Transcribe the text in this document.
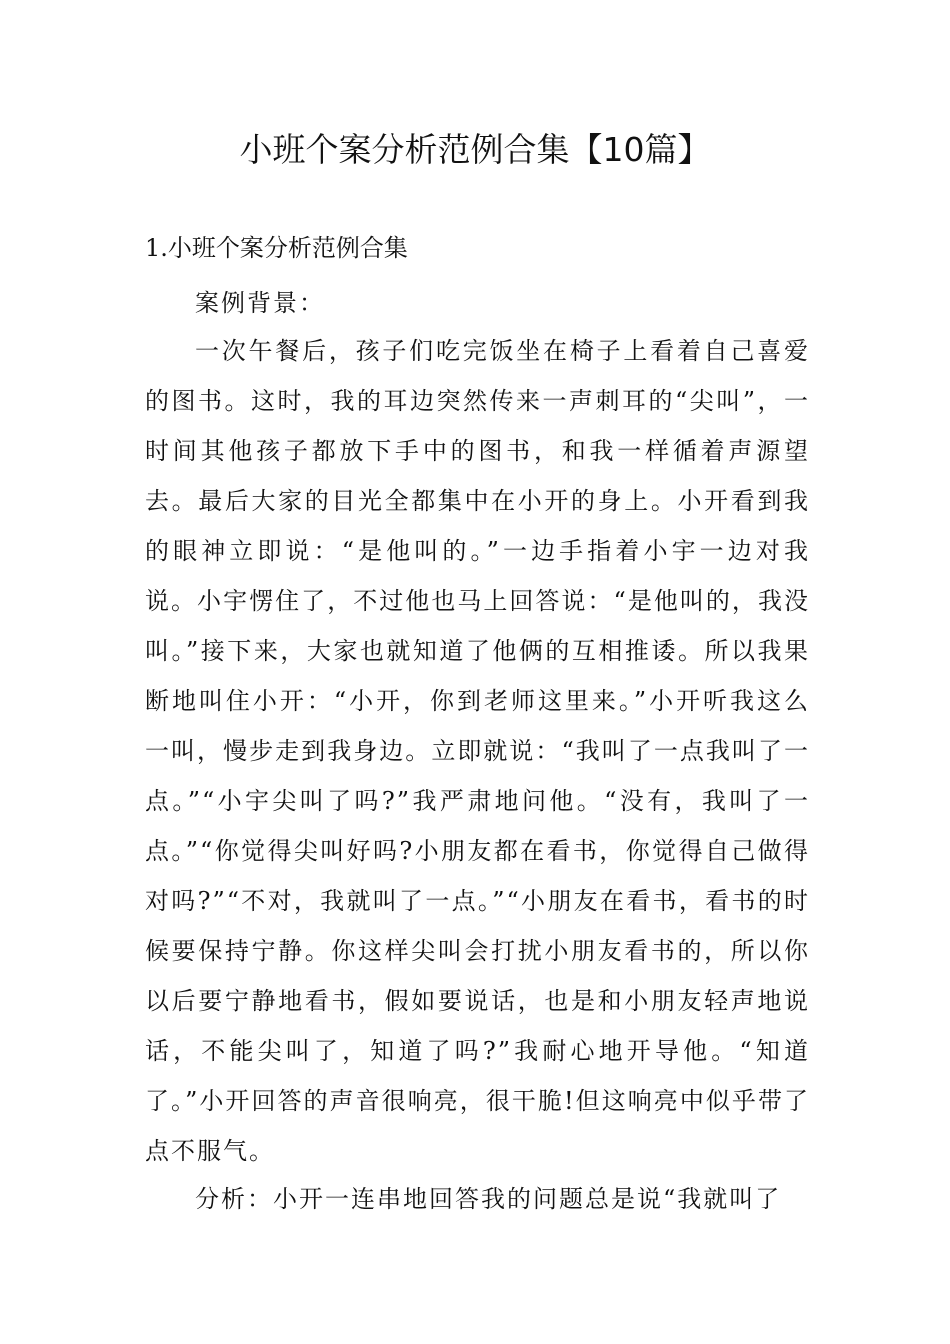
小班个案分析范例合集【10篇】
1.小班个案分析范例合集

案例背景：

一次午餐后，孩子们吃完饭坐在椅子上看着自己喜爱的图书。这时，我的耳边突然传来一声刺耳的“尖叫”，一时间其他孩子都放下手中的图书，和我一样循着声源望去。最后大家的目光全都集中在小开的身上。小开看到我的眼神立即说：“是他叫的。”一边手指着小宇一边对我说。小宇愣住了，不过他也马上回答说：“是他叫的，我没叫。”接下来，大家也就知道了他俩的互相推诿。所以我果断地叫住小开：“小开，你到老师这里来。”小开听我这么一叫，慢步走到我身边。立即就说：“我叫了一点我叫了一点。”“小宇尖叫了吗?”我严肃地问他。“没有，我叫了一点。”“你觉得尖叫好吗?小朋友都在看书，你觉得自己做得对吗?”“不对，我就叫了一点。”“小朋友在看书，看书的时候要保持宁静。你这样尖叫会打扰小朋友看书的，所以你以后要宁静地看书，假如要说话，也是和小朋友轻声地说话，不能尖叫了，知道了吗?”我耐心地开导他。“知道了。”小开回答的声音很响亮，很干脆!但这响亮中似乎带了点不服气。

分析：小开一连串地回答我的问题总是说“我就叫了
